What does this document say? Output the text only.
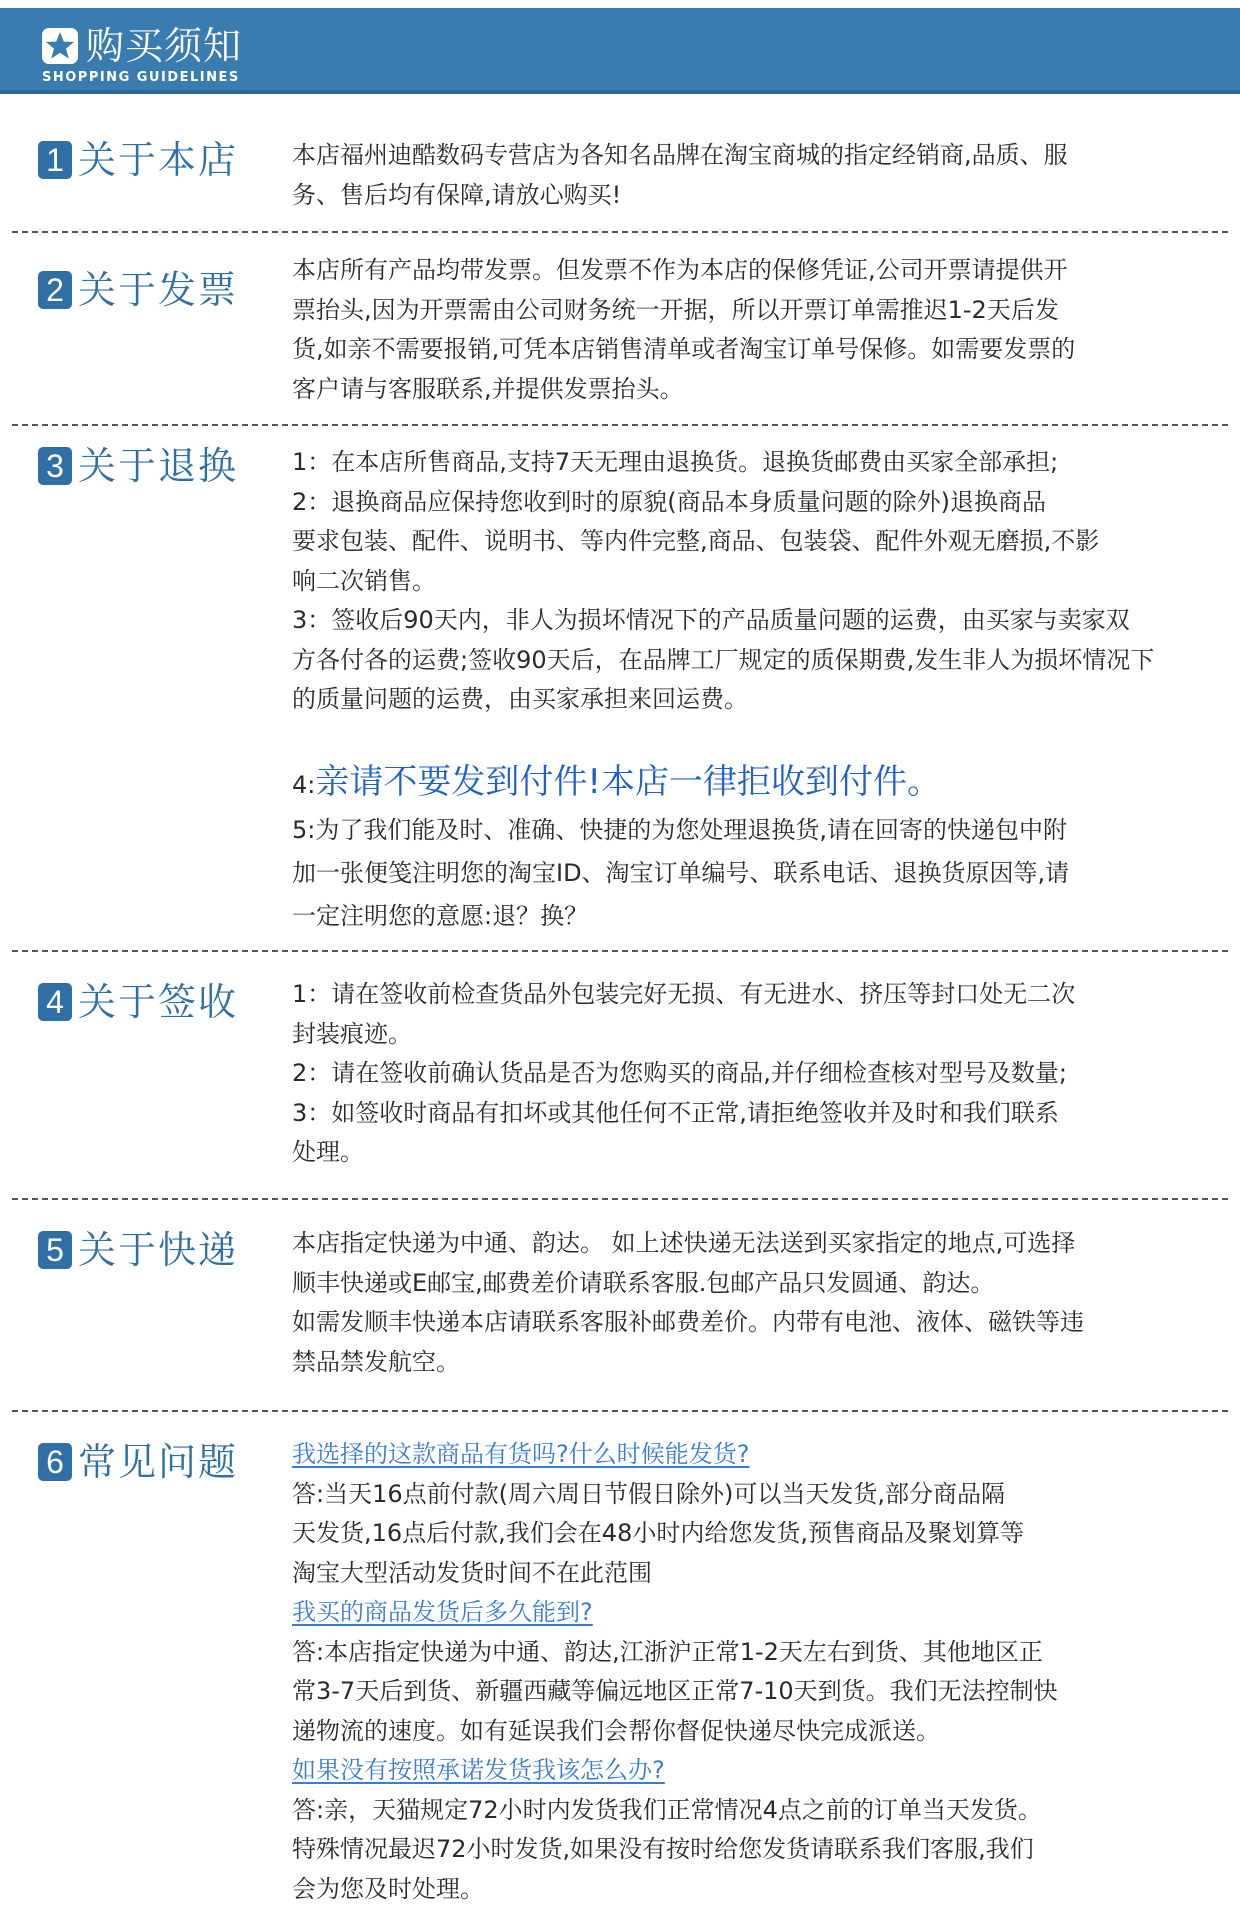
购买须知
SHOPPING GUIDELINES
1 关于本店 本店福州迪酷数码专营店为各知名品牌在淘宝商城的指定经销商,品质、服
务、售后均有保障,请放心购买!
2 关于发票 本店所有产品均带发票。但发票不作为本店的保修凭证,公司开票请提供开
票抬头,因为开票需由公司财务统一开据，所以开票订单需推迟1-2天后发
货,如亲不需要报销,可凭本店销售清单或者淘宝订单号保修。如需要发票的
客户请与客服联系,并提供发票抬头。
3 关于退换 1：在本店所售商品,支持7天无理由退换货。退换货邮费由买家全部承担;
2：退换商品应保持您收到时的原貌(商品本身质量问题的除外)退换商品
要求包装、配件、说明书、等内件完整,商品、包装袋、配件外观无磨损,不影
响二次销售。
3：签收后90天内，非人为损坏情况下的产品质量问题的运费，由买家与卖家双
方各付各的运费;签收90天后，在品牌工厂规定的质保期费,发生非人为损坏情况下
的质量问题的运费，由买家承担来回运费。
4:亲请不要发到付件!本店一律拒收到付件。
5:为了我们能及时、准确、快捷的为您处理退换货,请在回寄的快递包中附
加一张便笺注明您的淘宝ID、淘宝订单编号、联系电话、退换货原因等,请
一定注明您的意愿:退？换？
4 关于签收 1：请在签收前检查货品外包装完好无损、有无进水、挤压等封口处无二次
封装痕迹。
2：请在签收前确认货品是否为您购买的商品,并仔细检查核对型号及数量;
3：如签收时商品有扣坏或其他任何不正常,请拒绝签收并及时和我们联系
处理。
5 关于快递 本店指定快递为中通、韵达。 如上述快递无法送到买家指定的地点,可选择
顺丰快递或E邮宝,邮费差价请联系客服.包邮产品只发圆通、韵达。
如需发顺丰快递本店请联系客服补邮费差价。内带有电池、液体、磁铁等违
禁品禁发航空。
6 常见问题 我选择的这款商品有货吗?什么时候能发货?
答:当天16点前付款(周六周日节假日除外)可以当天发货,部分商品隔
天发货,16点后付款,我们会在48小时内给您发货,预售商品及聚划算等
淘宝大型活动发货时间不在此范围
我买的商品发货后多久能到?
答:本店指定快递为中通、韵达,江浙沪正常1-2天左右到货、其他地区正
常3-7天后到货、新疆西藏等偏远地区正常7-10天到货。我们无法控制快
递物流的速度。如有延误我们会帮你督促快递尽快完成派送。
如果没有按照承诺发货我该怎么办?
答:亲，天猫规定72小时内发货我们正常情况4点之前的订单当天发货。
特殊情况最迟72小时发货,如果没有按时给您发货请联系我们客服,我们
会为您及时处理。
